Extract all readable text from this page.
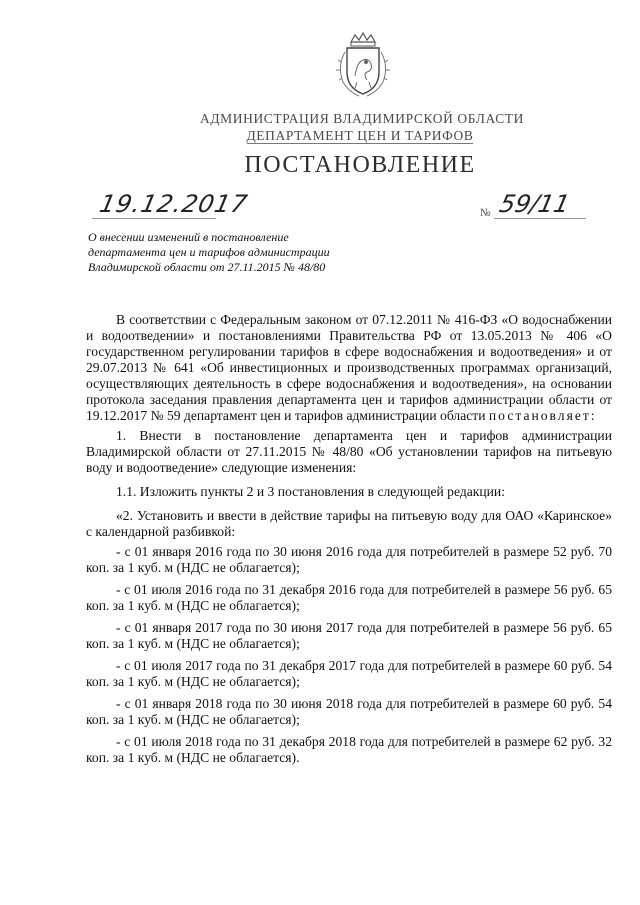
АДМИНИСТРАЦИЯ ВЛАДИМИРСКОЙ ОБЛАСТИ
ДЕПАРТАМЕНТ ЦЕН И ТАРИФОВ
ПОСТАНОВЛЕНИЕ
19.12.2017	№ 59/11
О внесении изменений в постановление департамента цен и тарифов администрации Владимирской области от 27.11.2015 № 48/80

В соответствии с Федеральным законом от 07.12.2011 № 416-ФЗ «О водоснабжении и водоотведении» и постановлениями Правительства РФ от 13.05.2013 № 406 «О государственном регулировании тарифов в сфере водоснабжения и водоотведения» и от 29.07.2013 № 641 «Об инвестиционных и производственных программах организаций, осуществляющих деятельность в сфере водоснабжения и водоотведения», на основании протокола заседания правления департамента цен и тарифов администрации области от 19.12.2017 № 59 департамент цен и тарифов администрации области постановляет:

1. Внести в постановление департамента цен и тарифов администрации Владимирской области от 27.11.2015 № 48/80 «Об установлении тарифов на питьевую воду и водоотведение» следующие изменения:

1.1. Изложить пункты 2 и 3 постановления в следующей редакции:

«2. Установить и ввести в действие тарифы на питьевую воду для ОАО «Каринское» с календарной разбивкой:

- с 01 января 2016 года по 30 июня 2016 года для потребителей в размере 52 руб. 70 коп. за 1 куб. м (НДС не облагается);

- с 01 июля 2016 года по 31 декабря 2016 года для потребителей в размере 56 руб. 65 коп. за 1 куб. м (НДС не облагается);

- с 01 января 2017 года по 30 июня 2017 года для потребителей в размере 56 руб. 65 коп. за 1 куб. м (НДС не облагается);

- с 01 июля 2017 года по 31 декабря 2017 года для потребителей в размере 60 руб. 54 коп. за 1 куб. м (НДС не облагается);

- с 01 января 2018 года по 30 июня 2018 года для потребителей в размере 60 руб. 54 коп. за 1 куб. м (НДС не облагается);

- с 01 июля 2018 года по 31 декабря 2018 года для потребителей в размере 62 руб. 32 коп. за 1 куб. м (НДС не облагается).
